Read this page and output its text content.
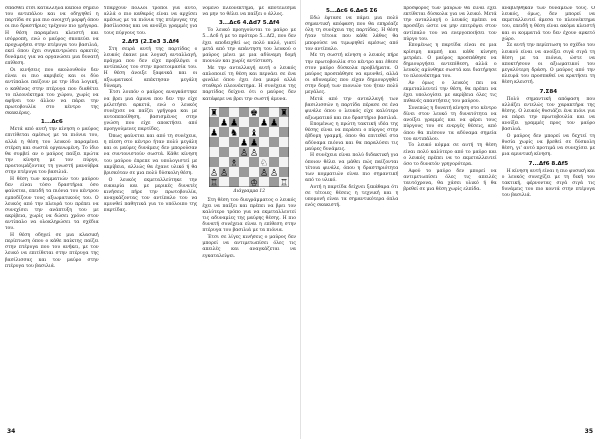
σπασθεί έτσι κατάλληλα κάποιο σημείο του αντιπάλου και να οδηγηθεί η παρτίδα σε μια πιο ανοιχτή μορφή όπου οι πιο δραστήριες τρέχουν πιο γρήγορα. Η θέση παραμένει κλειστή και ισόρροπη, ενώ ο μαύρος σκοπεύει να προχωρήσει στην πτέρυγα του βασιλιά, εκεί όπου έχει συγκεντρώσει αρκετές δυνάμεις για να οργανώσει μια δυνατή επίθεση.

Οι κινήσεις που ακολουθούν δεν είναι οι πιο ακριβείς και οι δύο αντίπαλοι παίζουν με την ίδια λογική, ο καθένας στην πτέρυγα που διαθέτει το πλεονέκτημα του χώρου, χωρίς να αφήνει τον άλλον να πάρει την πρωτοβουλία στο κέντρο της σκακιέρας.

1...Δc6

Μετά από αυτή την κίνηση ο μαύρος επιτίθεται αμέσως με τα πιόνια του, αλλά η θέση του λευκού παραμένει στέρεη και σωστά οργανωμένη. Το ίδιο θα συμβεί αν ο μαύρος παίξει πρώτα την κίνηση με τον πύργο, προετοιμάζοντας τη γνωστή μανούβρα στην πτέρυγα του βασιλιά.

Η θέση των κομματιών του μαύρου δεν είναι τόσο δραστήρια όσο φαίνεται, επειδή τα πιόνια του κέντρου εμποδίζουν τους αξιωματικούς του. Ο λευκός από την πλευρά του πρέπει να συνεχίσει την ανάπτυξη του με ακρίβεια, χωρίς να δώσει χρόνο στον αντίπαλο να ολοκληρώσει τα σχέδια του.

Η θέση οδηγεί σε μια κλασική περίπτωση όπου ο κάθε παίκτης παίζει στην πτέρυγα που του ανήκει, με τον λευκό να επιτίθεται στην πτέρυγα της βασίλισσας και τον μαύρο στην πτέρυγα του βασιλιά.

Υπάρχουν πολλοί τρόποι για αυτό, αλλά ο πιο καθαρός είναι να αρχίσει αμέσως με τα πιόνια της πτέρυγας της βασίλισσας και να ανοίξει γραμμές για τους πύργους του.

2.Δf3 (2.Σe3 3.Δf4

Στη σειρά αυτή της παρτίδας ο λευκός έκανε μια λογική ανταλλαγή, πράγμα που δεν είχε προβλέψει ο αντίπαλος του στην προετοιμασία του. Η θέση άνοιξε ξαφνικά και οι αξιωματικοί απέκτησαν μεγάλη δύναμη.

Έτσι λοιπόν ο μαύρος αναγκάστηκε να βρει μια άμυνα που δεν την είχε μελετήσει αρκετά, ενώ ο λευκός συνέχισε να παίζει γρήγορα και με αυτοπεποίθηση, βασισμένος στην γνώση που είχε αποκτήσει από προηγούμενες παρτίδες.

Όπως φαίνεται και από τη συνέχεια, η πίεση στο κέντρο ήταν πολύ μεγάλη και οι μαύρες δυνάμεις δεν μπορούσαν να συντονιστούν σωστά. Κάθε κίνηση του μαύρου έπρεπε να υπολογιστεί με ακρίβεια, αλλιώς θα έχανε υλικό ή θα βρισκόταν σε μια πολύ δύσκολη θέση.

Ο λευκός εκμεταλλεύτηκε την ευκαιρία και με μερικές δυνατές κινήσεις πήρε την πρωτοβουλία, αναγκάζοντας τον αντίπαλο του να αμυνθεί παθητικά για το υπόλοιπο της παρτίδας.

νόμενο πλεονέκτημα, με αποτέλεσμα να μην το θέλει να παίξει ο άλλος.

3...Δc6 4.Δd7 5.Δf4

Το λευκό προηγούνται το μαύρο με 5...Δc6 ή με το πρότερο 5...Δf2, που δεν έχει αποδειχθεί ως πολύ καλό, γιατί μετά από την απάντηση του λευκού ο μαύρος μένει με μια αδύναμη δομή πιονιών και χωρίς αντίσταση.

Με την ανταλλαγή αυτή ο λευκός απλοποιεί τη θέση και περνάει σε ένα φινάλε όπου έχει ένα μικρό αλλά σταθερό πλεονέκτημα. Η συνέχεια της παρτίδας δείχνει ότι ο μαύρος δεν κατάφερε να βρει την σωστή άμυνα.

♜	♚ ♜
♟ ♟ ♟ ♟
♟ ♞ ♝
♟ ♟
♙ ♙
♘
♗
♙ ♙	♙ ♙
♖	♔ ♖
Διάγραμμα 12

Στη θέση του διαγράμματος ο λευκός έχει να παίξει και πρέπει να βρει τον καλύτερο τρόπο για να εκμεταλλευτεί τις αδυναμίες της μαύρης θέσης. Η πιο δυνατή συνέχεια είναι η επίθεση στην πτέρυγα του βασιλιά με τα πιόνια.

Έτσι σε λίγες κινήσεις ο μαύρος δεν μπορεί να αντιμετωπίσει όλες τις απειλές και αναγκάζεται να εγκαταλείψει.

34
5...Δc6 6.Δe5 Σ6

Εδώ έφτασε να πάρει μια πολύ σημαντική απόφαση που θα επηρέαζε όλη τη συνέχεια της παρτίδας. Η θέση ήταν τέτοια που κάθε λάθος θα μπορούσε να τιμωρηθεί αμέσως από τον αντίπαλο.

Με τη σωστή κίνηση ο λευκός πήρε την πρωτοβουλία στο κέντρο και έθεσε στον μαύρο δύσκολα προβλήματα. Ο μαύρος προσπάθησε να αμυνθεί, αλλά οι αδυναμίες που είχαν δημιουργηθεί στην δομή των πιονιών του ήταν πολύ μεγάλες.

Μετά από την ανταλλαγή των βασιλισσών η παρτίδα πέρασε σε ένα φινάλε όπου ο λευκός είχε καλύτερο αξιωματικό και πιο δραστήριο βασιλιά.

Επομένως η πρώτη τακτική ιδέα της θέσης είναι να περάσει ο πύργος στην έβδομη γραμμή, όπου θα επιτεθεί στα αδύναμα πιόνια και θα παραλύσει τις μαύρες δυνάμεις.

Η συνέχεια είναι πολύ διδακτική για όποιον θέλει να μάθει πώς παίζονται τέτοια φινάλε, όπου η δραστηριότητα των κομματιών είναι πιο σημαντική από το υλικό.

Αυτή η παρτίδα δείχνει ξεκάθαρα ότι σε τέτοιες θέσεις η τεχνική και η υπομονή είναι τα σημαντικότερα όπλα ενός σκακιστή.

πρόσφορος των μαύρων θα είναι έχει εκτίθεται δύσκολα για να λευκό. Μετά την ανταλλαγή ο λευκός πρέπει να προσέξει ώστε να μην επιτρέψει στον αντίπαλο του να ενεργοποιήσει τον πύργο του.

Επομένως η παρτίδα είναι σε μια κρίσιμη καμπή και κάθε κίνηση μετράει. Ο μαύρος προσπάθησε να δημιουργήσει αντεπίθεση, αλλά ο λευκός αμύνθηκε σωστά και διατήρησε το πλεονέκτημα του.

Αν όμως ο λευκός πει να εκμεταλλευτεί την θέση, θα πρέπει να έχει υπολογίσει με ακρίβεια όλες τις πιθανές απαντήσεις του μαύρου.

Συνεπώς η δυνατή κίνηση στο κέντρο δίνει στον λευκό τη δυνατότητα να ανοίξει γραμμές και να φέρει τους πύργους του σε ενεργές θέσεις, από όπου θα πιέσουν τα αδύναμα σημεία του αντιπάλου.

Το λευκό κόμμα σε αυτή τη θέση είναι πολύ καλύτερο από το μαύρο και ο λευκός πρέπει να το εκμεταλλευτεί όσο το δυνατόν γρηγορότερα.

Αφού το μαύρο δεν μπορεί να αντιμετωπίσει όλες τις απειλές ταυτόχρονα, θα χάσει υλικό ή θα βρεθεί σε μια θέση χωρίς ελπίδα.

αναβλήθηκαν των δυνάμεων τους. Ο λευκός, όμως, δεν μπορεί να εκμεταλλευτεί άμεσα το πλεονέκτημα του, επειδή η θέση είναι ακόμα κλειστή και οι κομματιά του δεν έχουν αρκετό χώρο.

Σε αυτή την περίπτωση το σχέδιο του λευκού είναι να ανοίξει σιγά σιγά τη θέση με τα πιόνια, ώστε να αποκτήσουν οι αξιωματικοί του μεγαλύτερη δράση. Ο μαύρος από την πλευρά του προσπαθεί να κρατήσει τη θέση κλειστή.

7.Σ84

Πολύ σημαντική απόφαση που αλλάζει εντελώς τον χαρακτήρα της θέσης. Ο λευκός θυσιάζει ένα πιόνι για να πάρει την πρωτοβουλία και να ανοίξει γραμμές προς τον μαύρο βασιλιά.

Ο μαύρος δεν μπορεί να δεχτεί τη θυσία χωρίς να βρεθεί σε δύσκολη θέση, γι' αυτό προτιμά να συνεχίσει με μια αμυντική κίνηση.

7...Δf6 8.Δf5

Η κίνηση αυτή είναι η πιο φυσική και ο λευκός συνεχίζει με τη δική του τακτική, φέρνοντας σιγά σιγά τις δυνάμεις του πιο κοντά στην πτέρυγα του βασιλιά.

35
